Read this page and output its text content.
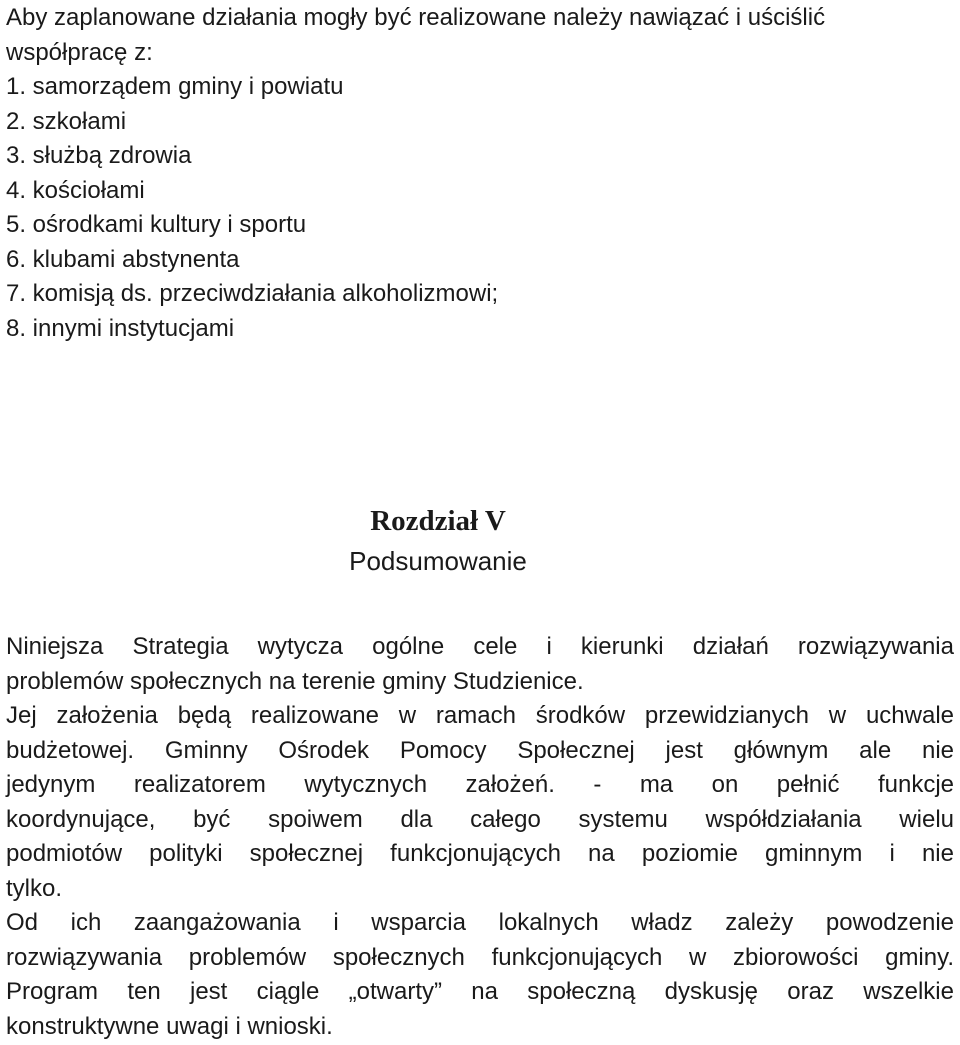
Aby zaplanowane działania mogły być realizowane należy nawiązać i uściślić
współpracę z:
1. samorządem gminy i powiatu
2. szkołami
3. służbą zdrowia
4. kościołami
5. ośrodkami kultury i sportu
6. klubami abstynenta
7. komisją ds. przeciwdziałania alkoholizmowi;
8. innymi instytucjami
Rozdział V
Podsumowanie
Niniejsza Strategia wytycza ogólne cele i kierunki działań rozwiązywania
problemów społecznych na terenie gminy Studzienice.
Jej założenia będą realizowane w ramach środków przewidzianych w uchwale
budżetowej. Gminny Ośrodek Pomocy Społecznej jest głównym ale nie
jedynym realizatorem wytycznych założeń. - ma on pełnić funkcje
koordynujące, być spoiwem dla całego systemu współdziałania wielu
podmiotów polityki społecznej funkcjonujących na poziomie gminnym i nie
tylko.
Od ich zaangażowania i wsparcia lokalnych władz zależy powodzenie
rozwiązywania problemów społecznych funkcjonujących w zbiorowości gminy.
Program ten jest ciągle „otwarty” na społeczną dyskusję oraz wszelkie
konstruktywne uwagi i wnioski.
